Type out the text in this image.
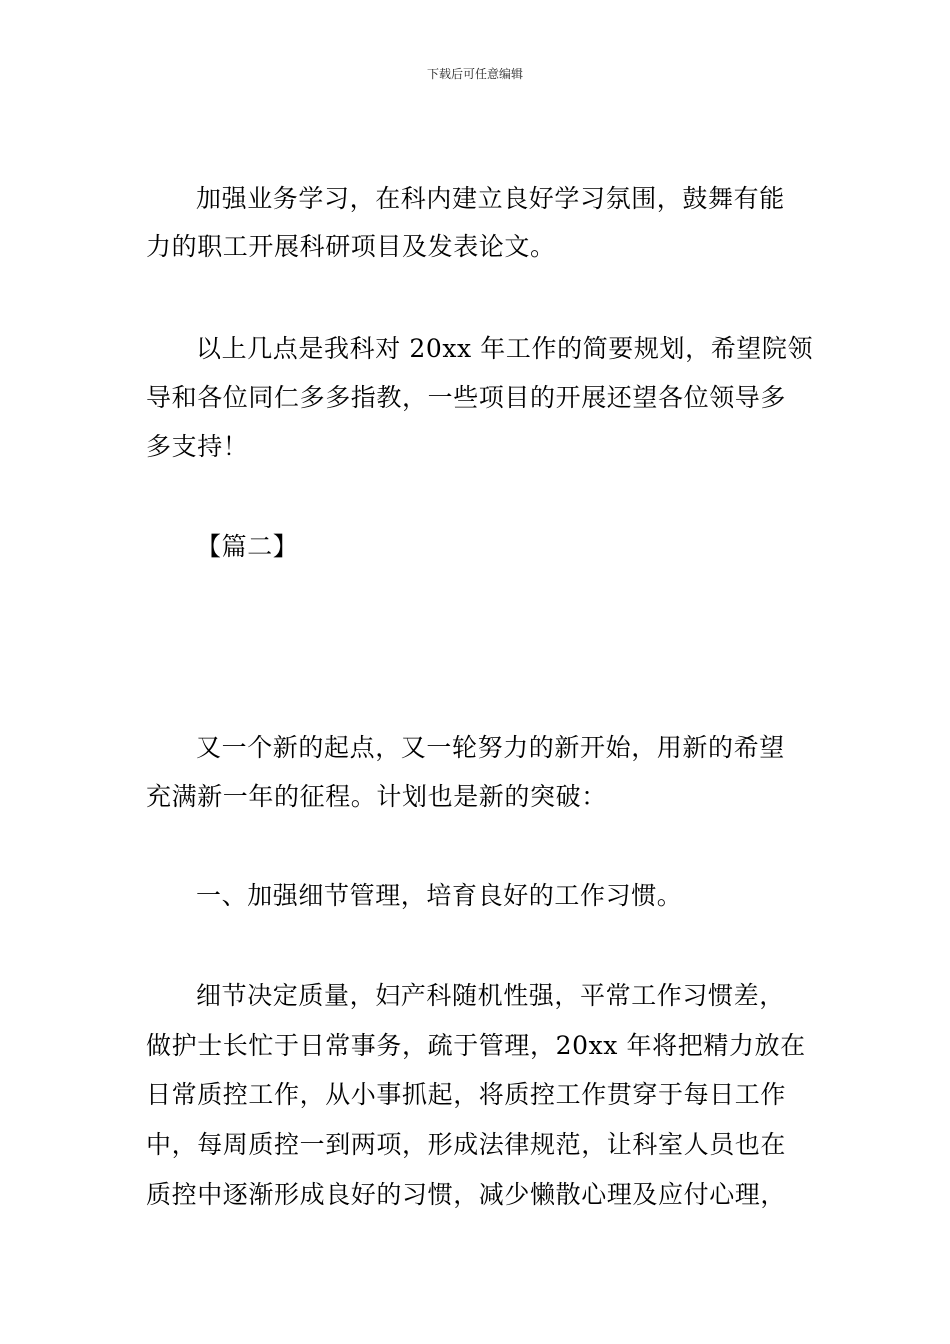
下载后可任意编辑
加强业务学习，在科内建立良好学习氛围，鼓舞有能
力的职工开展科研项目及发表论文。
以上几点是我科对 20xx 年工作的简要规划，希望院领
导和各位同仁多多指教，一些项目的开展还望各位领导多
多支持！
【篇二】
又一个新的起点，又一轮努力的新开始，用新的希望
充满新一年的征程。计划也是新的突破：
一、加强细节管理，培育良好的工作习惯。
细节决定质量，妇产科随机性强，平常工作习惯差，
做护士长忙于日常事务，疏于管理，20xx 年将把精力放在
日常质控工作，从小事抓起，将质控工作贯穿于每日工作
中，每周质控一到两项，形成法律规范，让科室人员也在
质控中逐渐形成良好的习惯，减少懒散心理及应付心理，
